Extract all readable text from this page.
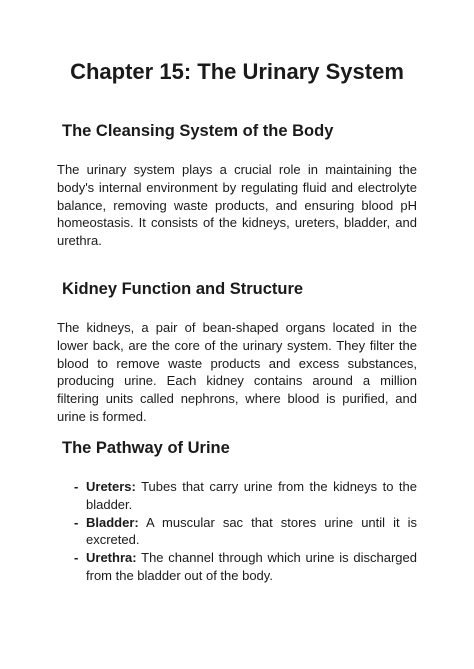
Chapter 15: The Urinary System
The Cleansing System of the Body

The urinary system plays a crucial role in maintaining the body's internal environment by regulating fluid and electrolyte balance, removing waste products, and ensuring blood pH homeostasis. It consists of the kidneys, ureters, bladder, and urethra.

Kidney Function and Structure

The kidneys, a pair of bean-shaped organs located in the lower back, are the core of the urinary system. They filter the blood to remove waste products and excess substances, producing urine. Each kidney contains around a million filtering units called nephrons, where blood is purified, and urine is formed.

The Pathway of Urine
- Ureters: Tubes that carry urine from the kidneys to the bladder.
- Bladder: A muscular sac that stores urine until it is excreted.
- Urethra: The channel through which urine is discharged from the bladder out of the body.
